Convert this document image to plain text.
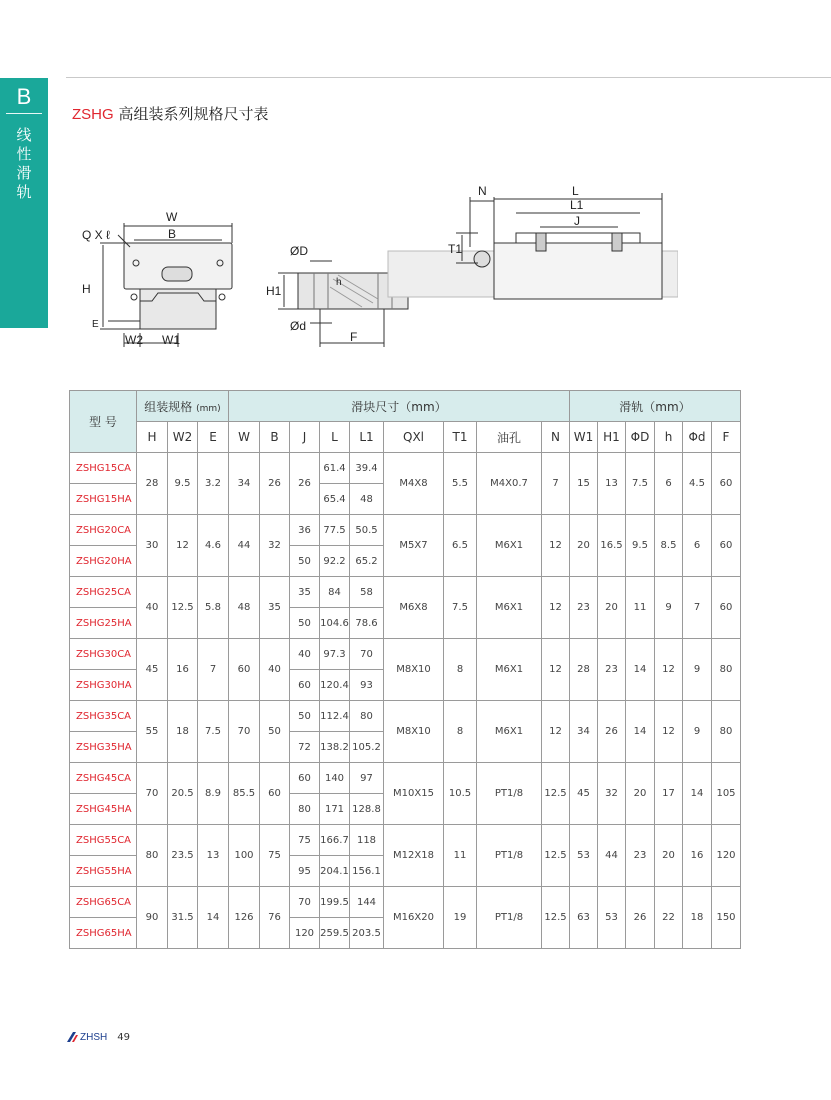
B
线
性
滑
轨
ZSHG 高组装系列规格尺寸表
W
B
Q X ℓ
H
E
W2 W1
ØD
H1
h
Ød
F
N	L
L1
J
T1
型 号	组装规格 (mm)			滑块尺寸（mm）									滑轨（mm）					
	H	W2	E	W	B	J	L	L1	QXl	T1	油孔	N	W1	H1	ΦD	h	Φd	F
ZSHG15CA	28	9.5	3.2	34	26	26	61.4	39.4	M4X8	5.5	M4X0.7	7	15	13	7.5	6	4.5	60
ZSHG15HA							65.4	48										
ZSHG20CA	30	12	4.6	44	32	36	77.5	50.5	M5X7	6.5	M6X1	12	20	16.5	9.5	8.5	6	60
ZSHG20HA						50	92.2	65.2										
ZSHG25CA	40	12.5	5.8	48	35	35	84	58	M6X8	7.5	M6X1	12	23	20	11	9	7	60
ZSHG25HA						50	104.6	78.6										
ZSHG30CA	45	16	7	60	40	40	97.3	70	M8X10	8	M6X1	12	28	23	14	12	9	80
ZSHG30HA						60	120.4	93										
ZSHG35CA	55	18	7.5	70	50	50	112.4	80	M8X10	8	M6X1	12	34	26	14	12	9	80
ZSHG35HA						72	138.2	105.2										
ZSHG45CA	70	20.5	8.9	85.5	60	60	140	97	M10X15	10.5	PT1/8	12.5	45	32	20	17	14	105
ZSHG45HA						80	171	128.8										
ZSHG55CA	80	23.5	13	100	75	75	166.7	118	M12X18	11	PT1/8	12.5	53	44	23	20	16	120
ZSHG55HA						95	204.1	156.1										
ZSHG65CA	90	31.5	14	126	76	70	199.5	144	M16X20	19	PT1/8	12.5	63	53	26	22	18	150
ZSHG65HA						120	259.5	203.5										
ZHSH 49
